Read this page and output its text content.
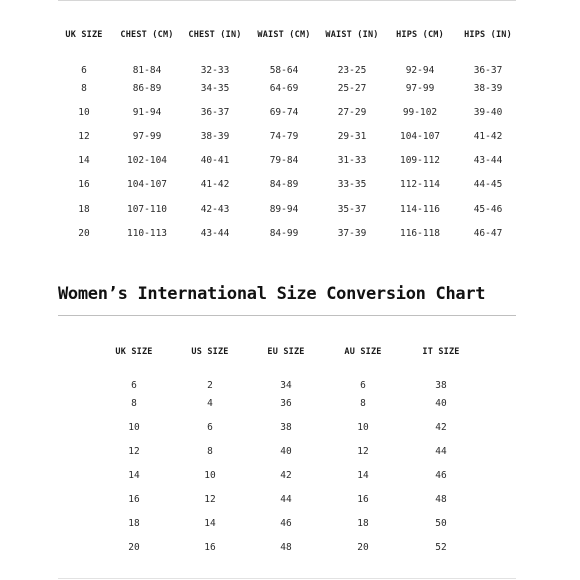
UK SIZE	CHEST (CM)	CHEST (IN)	WAIST (CM)	WAIST (IN)	HIPS (CM)	HIPS (IN)
6	81-84	32-33	58-64	23-25	92-94	36-37
8	86-89	34-35	64-69	25-27	97-99	38-39
10	91-94	36-37	69-74	27-29	99-102	39-40
12	97-99	38-39	74-79	29-31	104-107	41-42
14	102-104	40-41	79-84	31-33	109-112	43-44
16	104-107	41-42	84-89	33-35	112-114	44-45
18	107-110	42-43	89-94	35-37	114-116	45-46
20	110-113	43-44	84-99	37-39	116-118	46-47
Women’s International Size Conversion Chart
UK SIZE	US SIZE	EU SIZE	AU SIZE	IT SIZE
6	2	34	6	38
8	4	36	8	40
10	6	38	10	42
12	8	40	12	44
14	10	42	14	46
16	12	44	16	48
18	14	46	18	50
20	16	48	20	52
